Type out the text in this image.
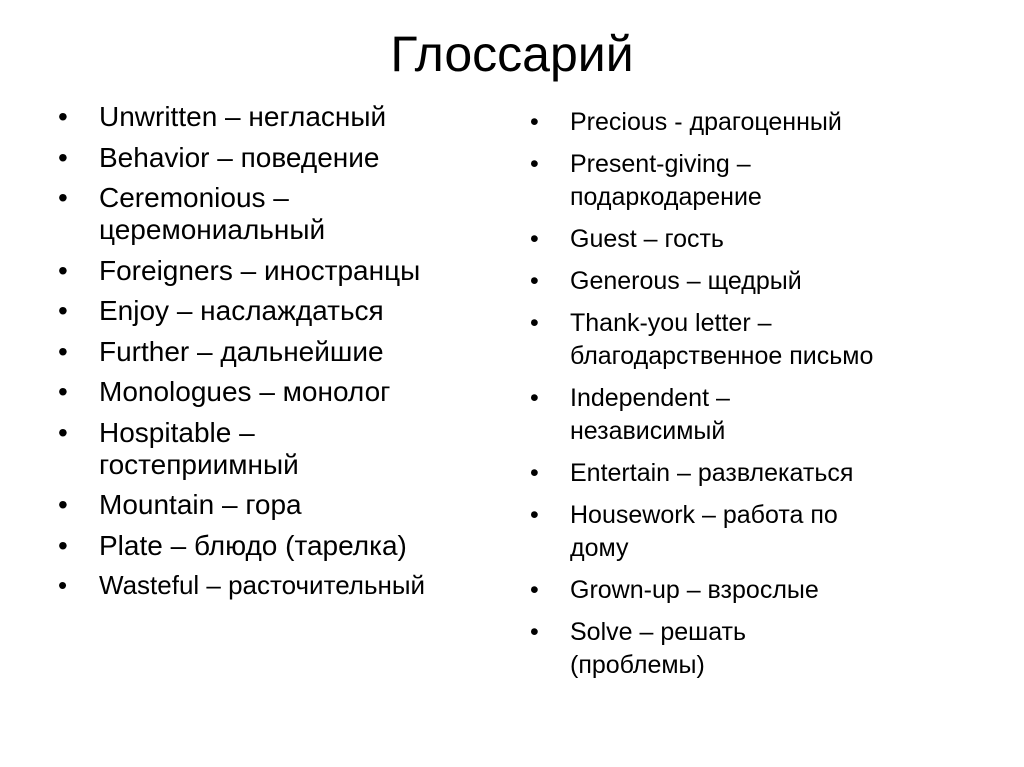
Глоссарий
•
Unwritten – негласный
•
Behavior – поведение
•
Ceremonious –
церемониальный
•
Foreigners – иностранцы
•
Enjoy – наслаждаться
•
Further – дальнейшие
•
Monologues – монолог
•
Hospitable –
гостеприимный
•
Mountain – гора
•
Plate – блюдо (тарелка)
•
Wasteful – расточительный
•
Precious - драгоценный
•
Present-giving –
подаркодарение
•
Guest – гость
•
Generous – щедрый
•
Thank-you letter –
благодарственное письмо
•
Independent –
независимый
•
Entertain – развлекаться
•
Housework – работа по
дому
•
Grown-up – взрослые
•
Solve – решать
(проблемы)
